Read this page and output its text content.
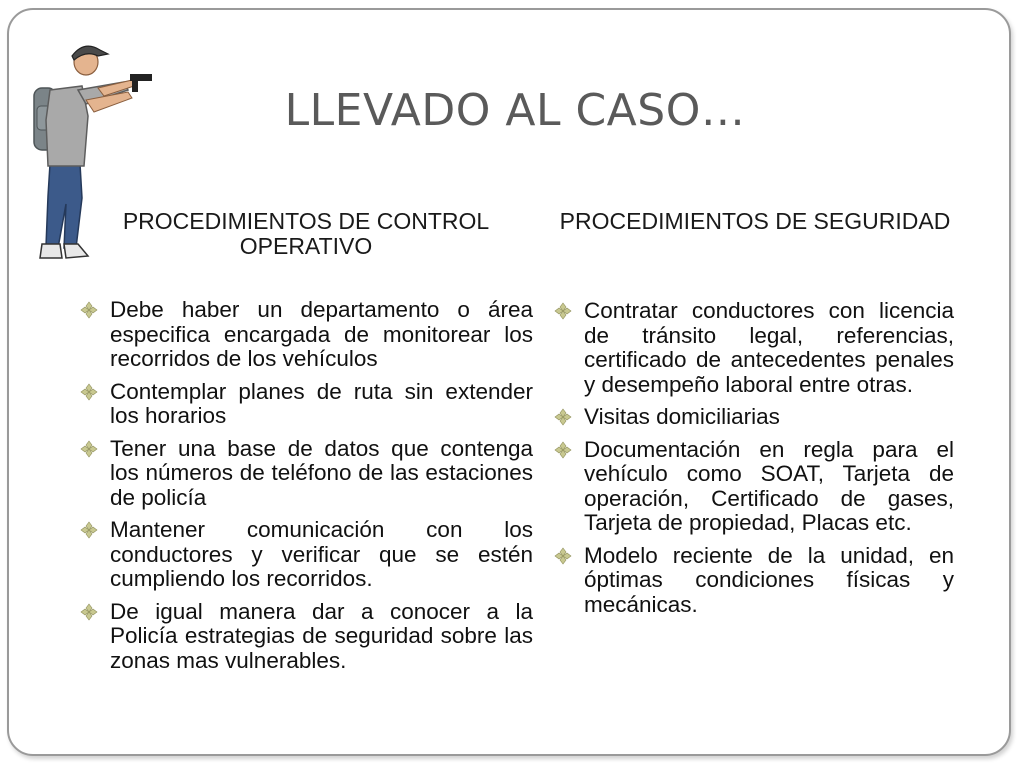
LLEVADO AL CASO…
PROCEDIMIENTOS DE CONTROL OPERATIVO
PROCEDIMIENTOS DE SEGURIDAD
Debe haber un departamento o área especifica encargada de monitorear los recorridos de los vehículos
Contemplar planes de ruta sin extender los horarios
Tener una base de datos que contenga los números de teléfono de las estaciones de policía
Mantener comunicación con los conductores y verificar que se estén cumpliendo los recorridos.
De igual manera dar a conocer a la Policía estrategias de seguridad sobre las zonas mas vulnerables.
Contratar conductores con licencia de tránsito legal, referencias, certificado de antecedentes penales y desempeño laboral entre otras.
Visitas domiciliarias
Documentación en regla para el vehículo como SOAT, Tarjeta de operación, Certificado de gases, Tarjeta de propiedad, Placas etc.
Modelo reciente de la unidad, en óptimas condiciones físicas y mecánicas.
